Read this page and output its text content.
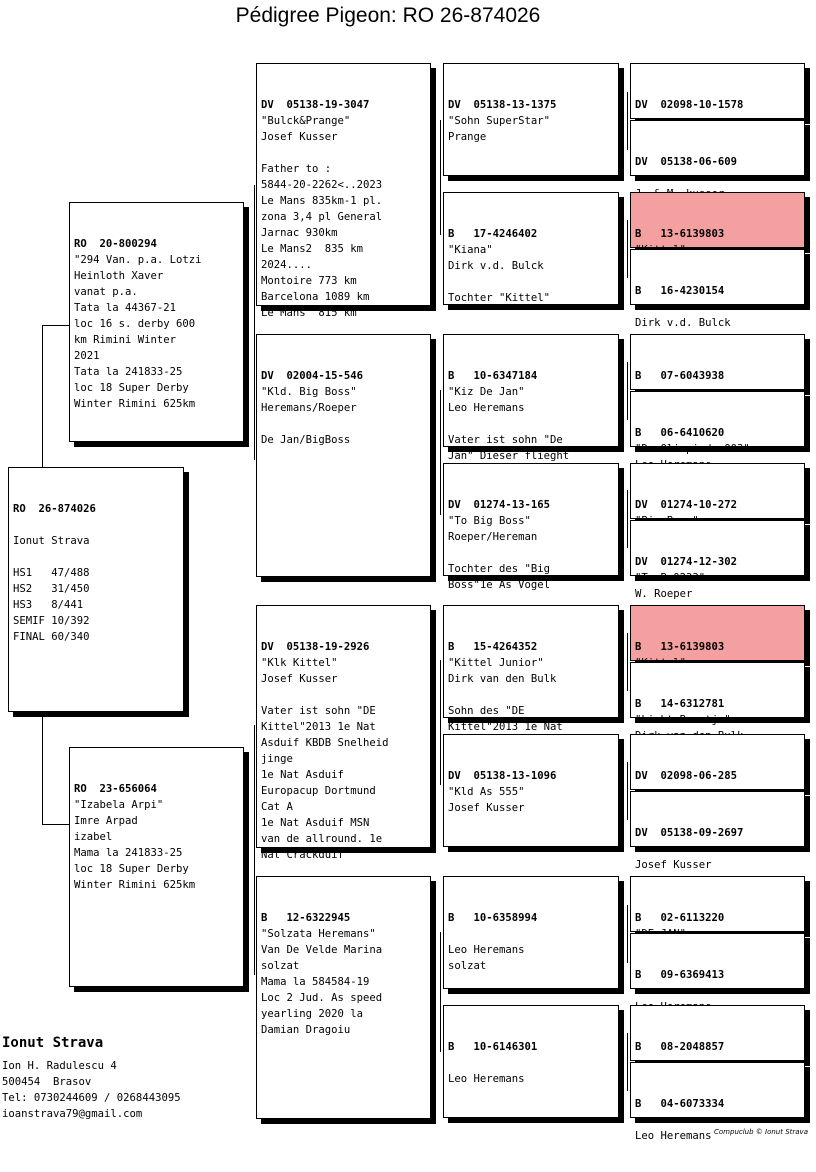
Pédigree Pigeon: RO 26-874026

RO  26-874026

Ionut Strava

HS1   47/488
HS2   31/450
HS3   8/441
SEMIF 10/392
FINAL 60/340

RO  20-800294
"294 Van. p.a. Lotzi
Heinloth Xaver
vanat p.a.
Tata la 44367-21
loc 16 s. derby 600
km Rimini Winter
2021
Tata la 241833-25
loc 18 Super Derby
Winter Rimini 625km

RO  23-656064
"Izabela Arpi"
Imre Arpad
izabel
Mama la 241833-25
loc 18 Super Derby
Winter Rimini 625km

DV  05138-19-3047
"Bulck&Prange"
Josef Kusser

Father to :
5844-20-2262<..2023
Le Mans 835km-1 pl.
zona 3,4 pl General
Jarnac 930km
Le Mans2  835 km
2024....
Montoire 773 km
Barcelona 1089 km
Le Mans  815 km

DV  02004-15-546
"Kld. Big Boss"
Heremans/Roeper

De Jan/BigBoss

DV  05138-19-2926
"Klk Kittel"
Josef Kusser

Vater ist sohn "DE
Kittel"2013 1e Nat
Asduif KBDB Snelheid
jinge
1e Nat Asduif
Europacup Dortmund
Cat A
1e Nat Asduif MSN
van de allround. 1e
Nat Crackduif

B   12-6322945
"Solzata Heremans"
Van De Velde Marina
solzat
Mama la 584584-19
Loc 2 Jud. As speed
yearling 2020 la
Damian Dragoiu

DV  05138-13-1375
"Sohn SuperStar"
Prange

B   17-4246402
"Kiana"
Dirk v.d. Bulck

Tochter "Kittel"

B   10-6347184
"Kiz De Jan"
Leo Heremans

Vater ist sohn "De
Jan" Dieser flieght

DV  01274-13-165
"To Big Boss"
Roeper/Hereman

Tochter des "Big
Boss"1e As Vogel

B   15-4264352
"Kittel Junior"
Dirk van den Bulk

Sohn des "DE
Kittel"2013 1e Nat

DV  05138-13-1096
"Kld As 555"
Josef Kusser

B   10-6358994

Leo Heremans
solzat

B   10-6146301

Leo Heremans

DV  02098-10-1578

DV  05138-06-609

B   13-6139803

B   16-4230154

Dirk v.d. Bulck

B   07-6043938

B   06-6410620
"Do Olimpiade 003"

DV  01274-10-272

DV  01274-12-302
"To B-0233"
W. Roeper

B   13-6139803

B   14-6312781
"Licht Beertje"

DV  02098-06-285

DV  05138-09-2697

Josef Kusser

B   02-6113220

B   09-6369413

B   08-2048857

B   04-6073334

Leo Heremans

Ionut Strava
Ion H. Radulescu 4
500454  Brasov
Tel: 0730244609 / 0268443095
ioanstrava79@gmail.com
Compuclub © Ionut Strava
